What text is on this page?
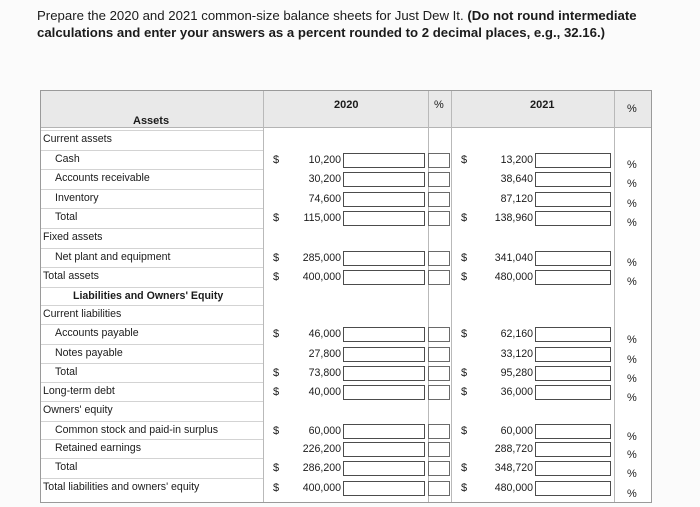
Prepare the 2020 and 2021 common-size balance sheets for Just Dew It. (Do not round intermediate calculations and enter your answers as a percent rounded to 2 decimal places, e.g., 32.16.)
2020	%	2021	%
Assets
Current assets
Cash	$	10,200	$	13,200	%
Accounts receivable	30,200	38,640	%
Inventory	74,600	87,120	%
Total	$	115,000	$	138,960	%
Fixed assets
Net plant and equipment	$	285,000	$	341,040	%
Total assets	$	400,000	$	480,000	%
Liabilities and Owners' Equity
Current liabilities
Accounts payable	$	46,000	$	62,160	%
Notes payable	27,800	33,120	%
Total	$	73,800	$	95,280	%
Long-term debt	$	40,000	$	36,000	%
Owners' equity
Common stock and paid-in surplus	$	60,000	$	60,000	%
Retained earnings	226,200	288,720	%
Total	$	286,200	$	348,720	%
Total liabilities and owners' equity	$	400,000	$	480,000	%
